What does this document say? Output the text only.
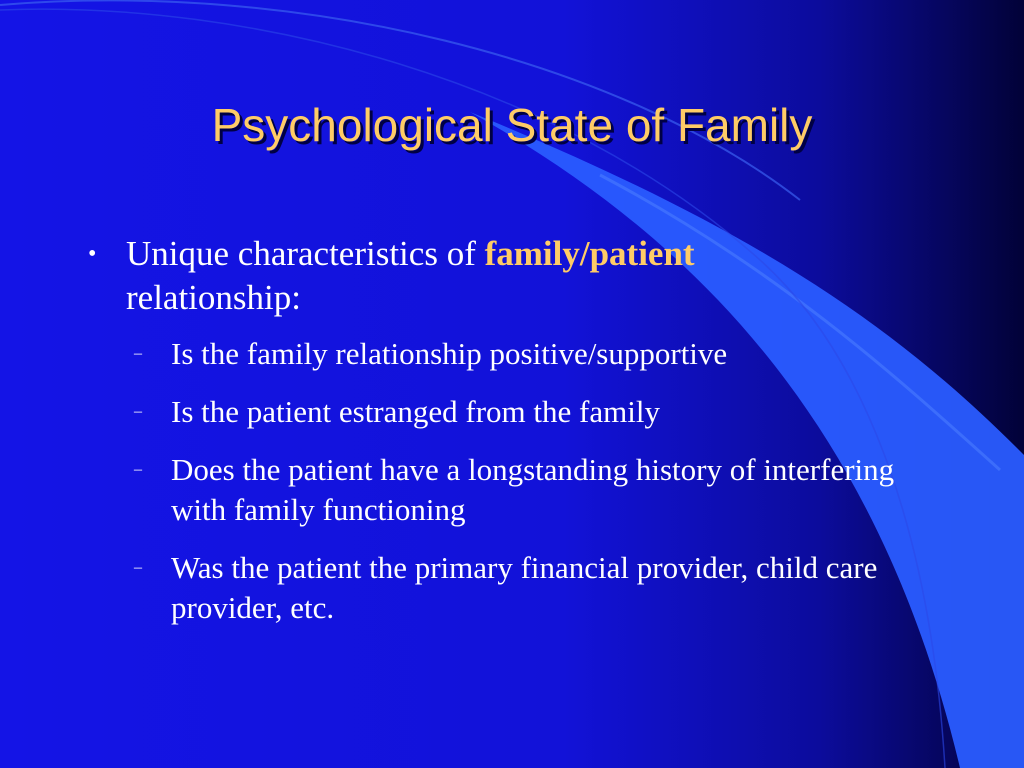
Psychological State of Family
• Unique characteristics of family/patient
relationship:
– Is the family relationship positive/supportive
– Is the patient estranged from the family
– Does the patient have a longstanding history of interfering with family functioning
– Was the patient the primary financial provider, child care provider, etc.
